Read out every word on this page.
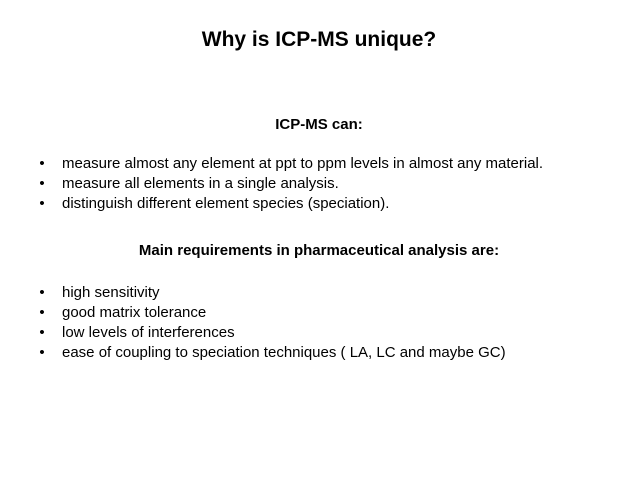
Why is ICP-MS unique?
ICP-MS can:
• measure almost any element at ppt to ppm levels in almost any material.
• measure all elements in a single analysis.
• distinguish different element species (speciation).
Main requirements in pharmaceutical analysis are:
• high sensitivity
• good matrix tolerance
• low levels of interferences
• ease of coupling to speciation techniques ( LA, LC and maybe GC)
